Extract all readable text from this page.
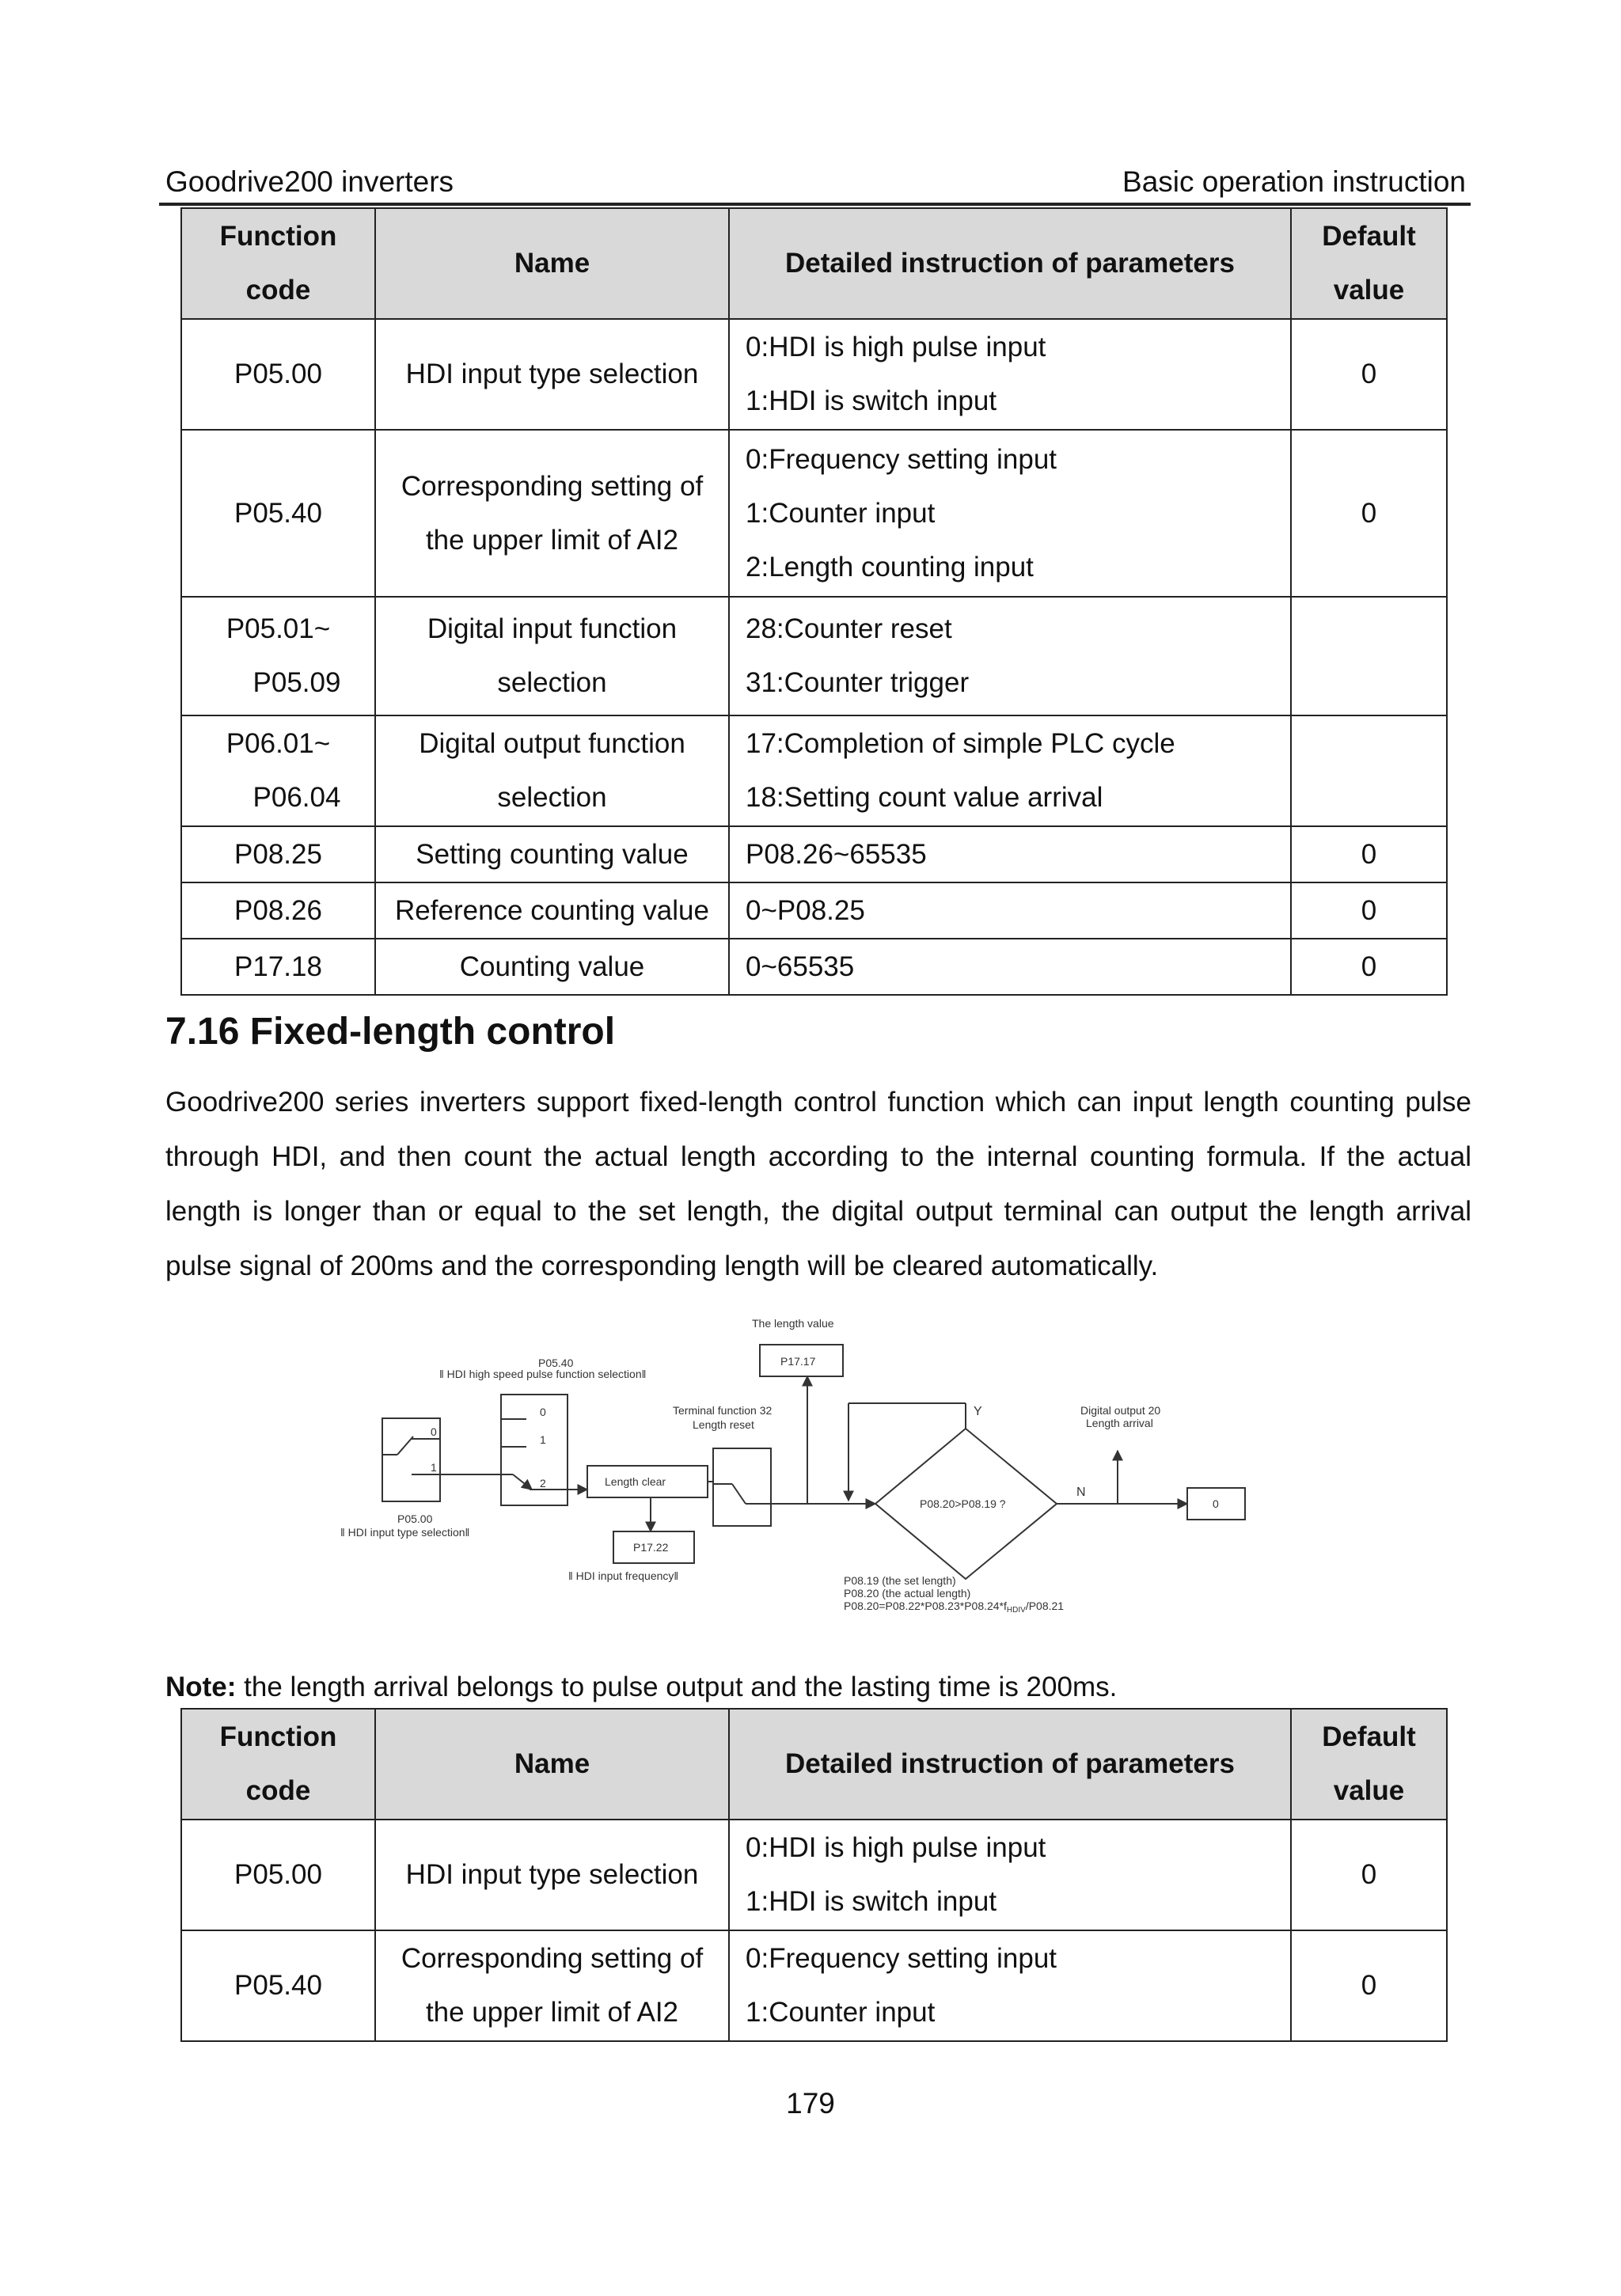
Goodrive200 inverters	Basic operation instruction
Function
code	Name	Detailed instruction of parameters	Default
value

P05.00	HDI input type selection	0:HDI is high pulse input
1:HDI is switch input	0

P05.40	Corresponding setting of
the upper limit of AI2	0:Frequency setting input
1:Counter input
2:Length counting input	0

P05.01~
P05.09	Digital input function
selection	28:Counter reset
31:Counter trigger	

P06.01~
P06.04	Digital output function
selection	17:Completion of simple PLC cycle
18:Setting count value arrival	

P08.25	Setting counting value	P08.26~65535	0

P08.26	Reference counting value	0~P08.25	0

P17.18	Counting value	0~65535	0
7.16 Fixed-length control

Goodrive200 series inverters support fixed-length control function which can input length counting pulse through HDI, and then count the actual length according to the internal counting formula. If the actual length is longer than or equal to the set length, the digital output terminal can output the length arrival pulse signal of 200ms and the corresponding length will be cleared automatically.

The length value
P17.17
P05.40
‖ HDI high speed pulse function selection‖
Terminal function 32
Length reset
Y
N
Digital output 20
Length arrival
0
1
0
1
2	Length clear
P08.20>P08.19 ?	0
P05.00
‖ HDI input type selection‖
P17.22
‖ HDI input frequency‖	P08.19 (the set length)
P08.20 (the actual length)
$P08.20=P08.22*P08.23*P08.24*f_{HDIV}/P08.21$

Note: the length arrival belongs to pulse output and the lasting time is 200ms.

Function
code	Name	Detailed instruction of parameters	Default
value

P05.00	HDI input type selection	0:HDI is high pulse input
1:HDI is switch input	0

P05.40	Corresponding setting of
the upper limit of AI2	0:Frequency setting input
1:Counter input	0
179
